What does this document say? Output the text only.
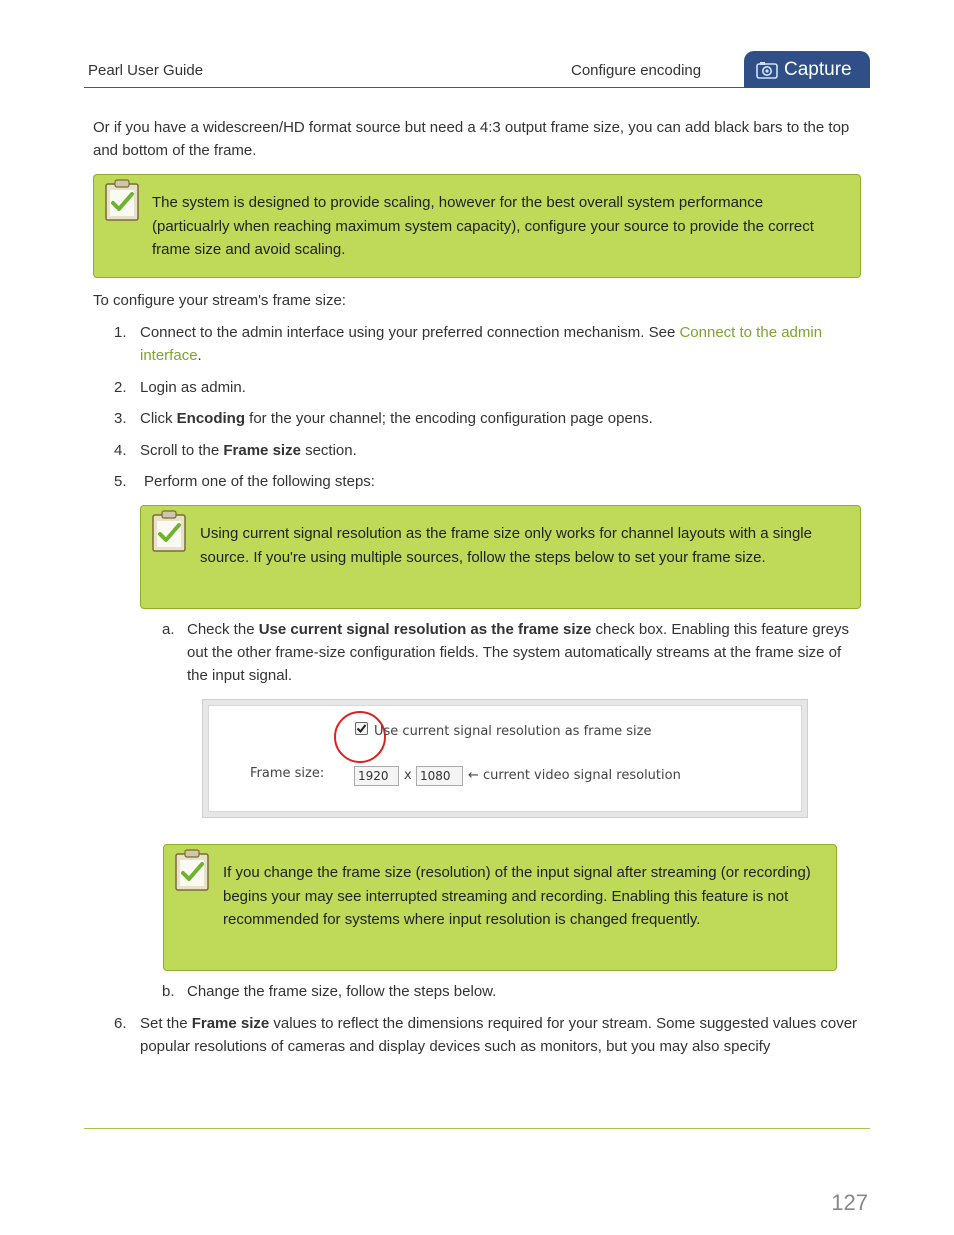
Pearl User Guide	Configure encoding	Capture
Or if you have a widescreen/HD format source but need a 4:3 output frame size, you can add black bars to the top and bottom of the frame.
The system is designed to provide scaling, however for the best overall system performance (particualrly when reaching maximum system capacity), configure your source to provide the correct frame size and avoid scaling.
To configure your stream's frame size:
1. Connect to the admin interface using your preferred connection mechanism. See Connect to the admin interface.
2. Login as admin.
3. Click Encoding for the your channel; the encoding configuration page opens.
4. Scroll to the Frame size section.
5. Perform one of the following steps:
Using current signal resolution as the frame size only works for channel layouts with a single source. If you're using multiple sources, follow the steps below to set your frame size.
a. Check the Use current signal resolution as the frame size check box. Enabling this feature greys out the other frame-size configuration fields. The system automatically streams at the frame size of the input signal.
Use current signal resolution as frame size
Frame size:	1920	x 1080	← current video signal resolution
If you change the frame size (resolution) of the input signal after streaming (or recording) begins your may see interrupted streaming and recording. Enabling this feature is not recommended for systems where input resolution is changed frequently.
b. Change the frame size, follow the steps below.
6. Set the Frame size values to reflect the dimensions required for your stream. Some suggested values cover popular resolutions of cameras and display devices such as monitors, but you may also specify
127
